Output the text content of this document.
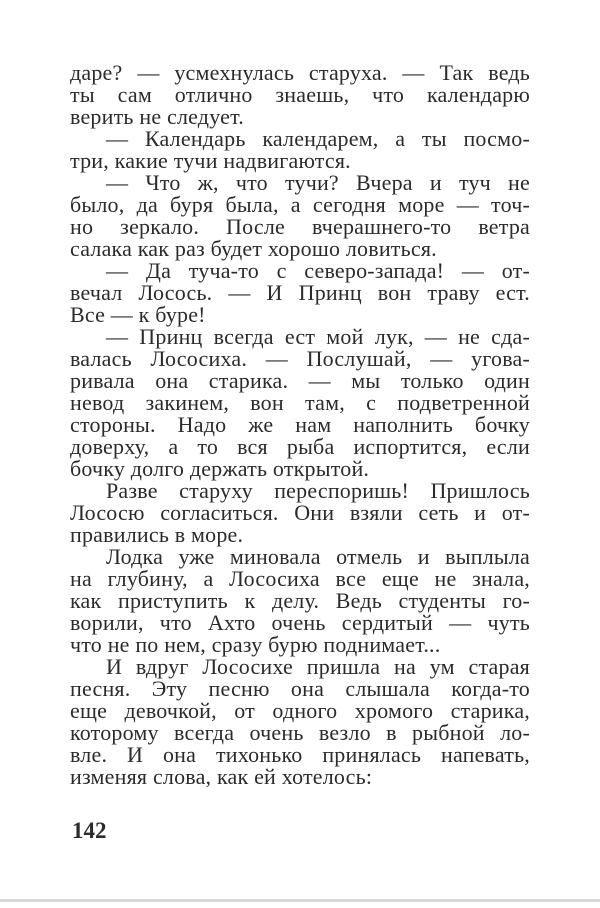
даре? — усмехнулась старуха. — Так ведь
ты сам отлично знаешь, что календарю
верить не следует.
— Календарь календарем, а ты посмо-
три, какие тучи надвигаются.
— Что ж, что тучи? Вчера и туч не
было, да буря была, а сегодня море — точ-
но зеркало. После вчерашнего-то ветра
салака как раз будет хорошо ловиться.
— Да туча-то с северо-запада! — от-
вечал Лосось. — И Принц вон траву ест.
Все — к буре!
— Принц всегда ест мой лук, — не сда-
валась Лососиха. — Послушай, — угова-
ривала она старика. — мы только один
невод закинем, вон там, с подветренной
стороны. Надо же нам наполнить бочку
доверху, а то вся рыба испортится, если
бочку долго держать открытой.
Разве старуху переспоришь! Пришлось
Лососю согласиться. Они взяли сеть и от-
правились в море.
Лодка уже миновала отмель и выплыла
на глубину, а Лососиха все еще не знала,
как приступить к делу. Ведь студенты го-
ворили, что Ахто очень сердитый — чуть
что не по нем, сразу бурю поднимает...
И вдруг Лососихе пришла на ум старая
песня. Эту песню она слышала когда-то
еще девочкой, от одного хромого старика,
которому всегда очень везло в рыбной ло-
вле. И она тихонько принялась напевать,
изменяя слова, как ей хотелось:
142
